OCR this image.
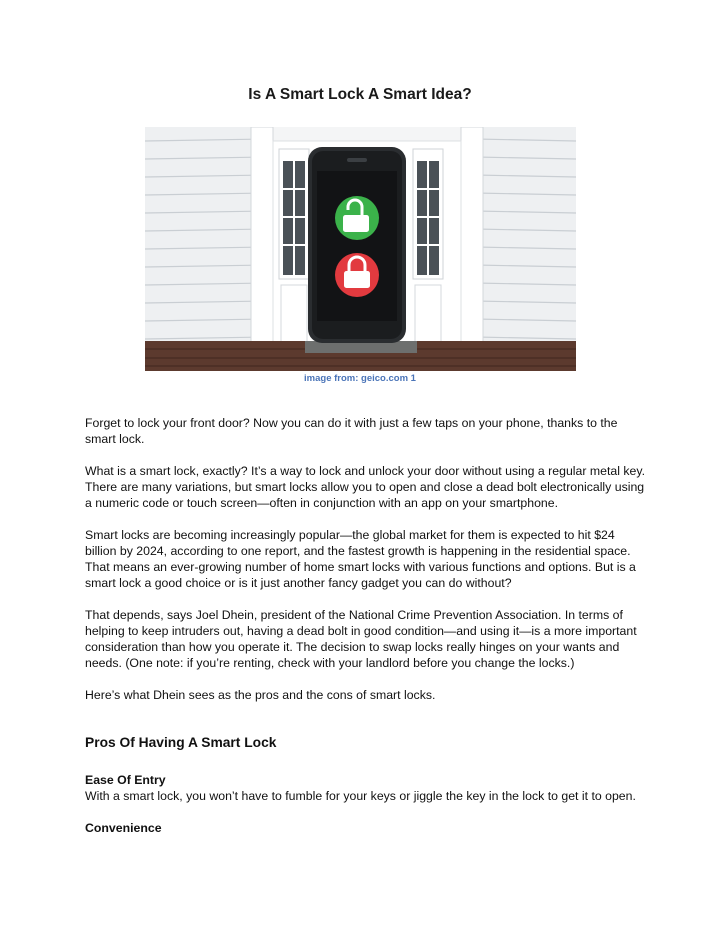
Is A Smart Lock A Smart Idea?
image from: geico.com 1

Forget to lock your front door? Now you can do it with just a few taps on your phone, thanks to the smart lock.

What is a smart lock, exactly? It’s a way to lock and unlock your door without using a regular metal key. There are many variations, but smart locks allow you to open and close a dead bolt electronically using a numeric code or touch screen—often in conjunction with an app on your smartphone.

Smart locks are becoming increasingly popular—the global market for them is expected to hit $24 billion by 2024, according to one report, and the fastest growth is happening in the residential space. That means an ever-growing number of home smart locks with various functions and options. But is a smart lock a good choice or is it just another fancy gadget you can do without?

That depends, says Joel Dhein, president of the National Crime Prevention Association. In terms of helping to keep intruders out, having a dead bolt in good condition—and using it—is a more important consideration than how you operate it. The decision to swap locks really hinges on your wants and needs. (One note: if you’re renting, check with your landlord before you change the locks.)

Here’s what Dhein sees as the pros and the cons of smart locks.

Pros Of Having A Smart Lock
Ease Of Entry

With a smart lock, you won’t have to fumble for your keys or jiggle the key in the lock to get it to open.

Convenience
